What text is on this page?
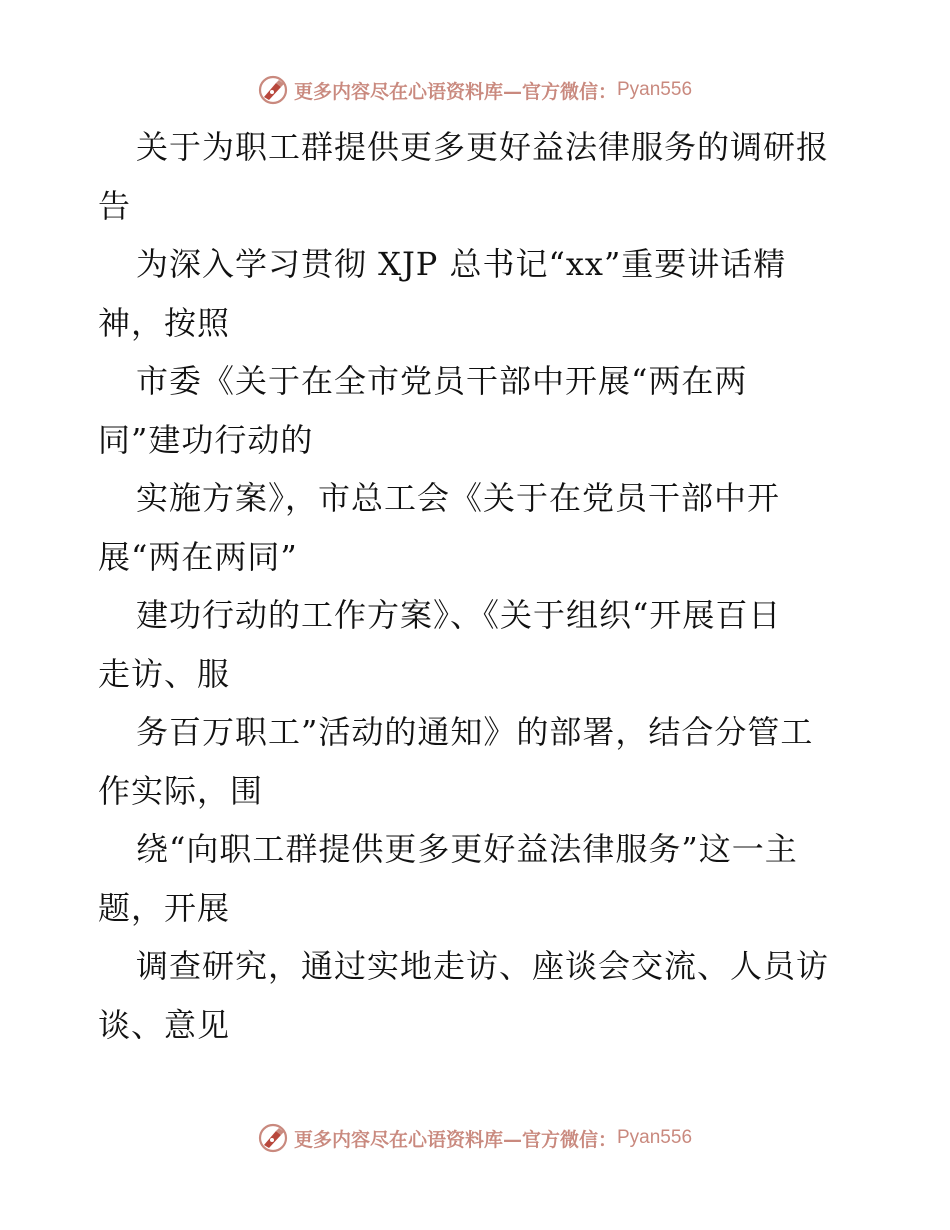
更多内容尽在心语资料库—官方微信： Pyan556
关于为职工群提供更多更好益法律服务的调研报
告
为深入学习贯彻 XJP 总书记“xx”重要讲话精
神，按照
市委《关于在全市党员干部中开展“两在两
同”建功行动的
实施方案》，市总工会《关于在党员干部中开
展“两在两同”
建功行动的工作方案》、《关于组织“开展百日
走访、服
务百万职工”活动的通知》的部署，结合分管工
作实际，围
绕“向职工群提供更多更好益法律服务”这一主
题，开展
调查研究，通过实地走访、座谈会交流、人员访
谈、意见
更多内容尽在心语资料库—官方微信： Pyan556
